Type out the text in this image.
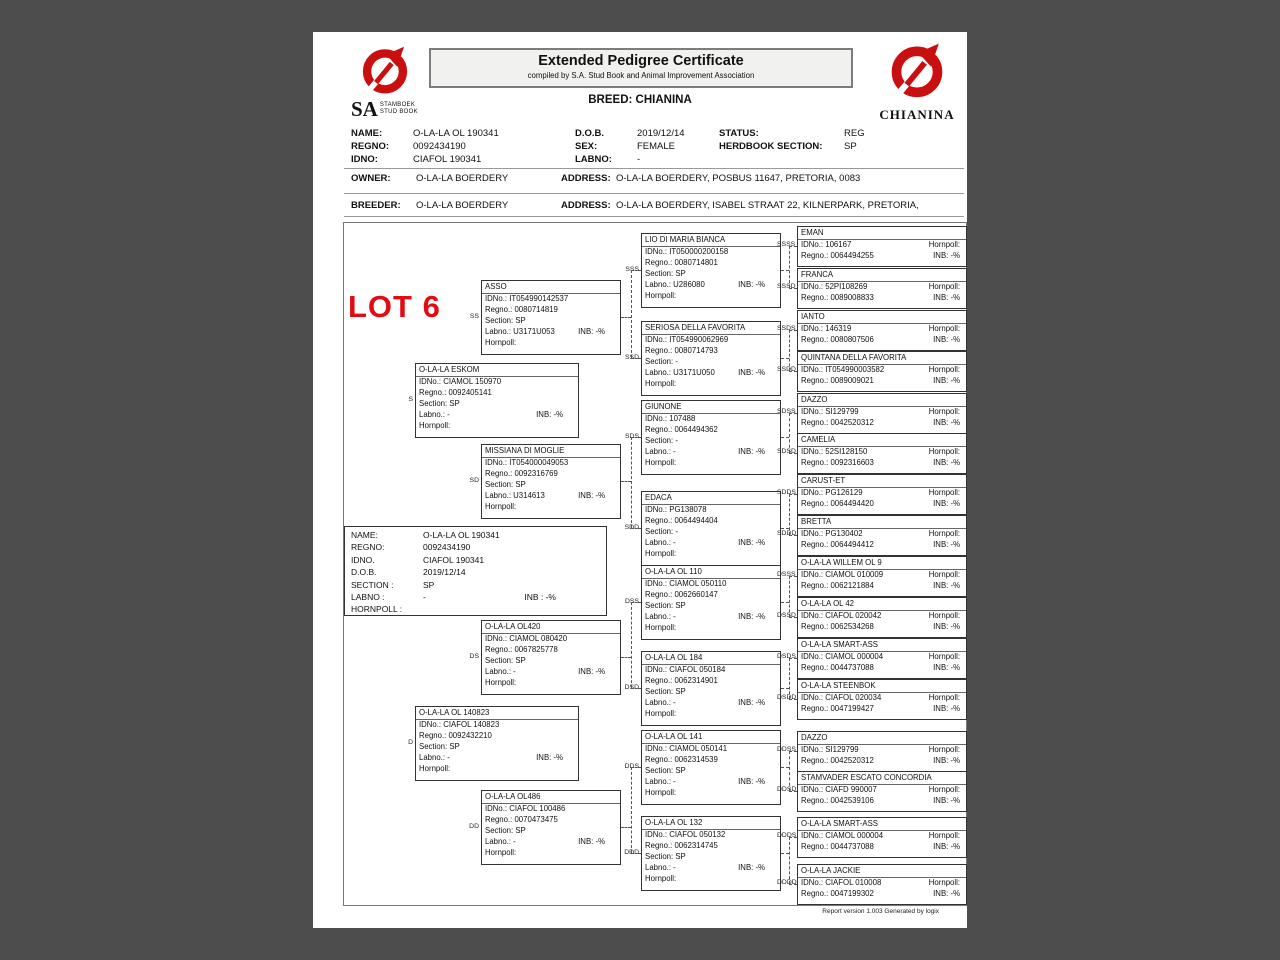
SA STAMBOEK
STUD BOOK
Extended Pedigree Certificate
compiled by S.A. Stud Book and Animal Improvement Association
CHIANINA
BREED: CHIANINA
NAME:	O-LA-LA OL 190341	D.O.B.	2019/12/14	STATUS:	REG
REGNO:	0092434190	SEX:	FEMALE	HERDBOOK SECTION:	SP
IDNO:	CIAFOL 190341	LABNO:	-
OWNER:	O-LA-LA BOERDERY	ADDRESS: O-LA-LA BOERDERY, POSBUS 11647, PRETORIA, 0083
BREEDER:	O-LA-LA BOERDERY	ADDRESS: O-LA-LA BOERDERY, ISABEL STRAAT 22, KILNERPARK, PRETORIA,
LOT 6
NAME:	O-LA-LA OL 190341
REGNO:	0092434190
IDNO.	CIAFOL 190341
D.O.B.	2019/12/14
SECTION :	SP
LABNO :	-	INB : -%
HORNPOLL :
O-LA-LA ESKOM
IDNo.: CIAMOL 150970
Regno.: 0092405141
Section: SP
Labno.: -	INB: -%
Hornpoll:
S
O-LA-LA OL 140823
IDNo.: CIAFOL 140823
Regno.: 0092432210
Section: SP
Labno.: -	INB: -%
Hornpoll:
D
ASSO
IDNo.: IT054990142537
Regno.: 0080714819
Section: SP
Labno.: U3171U053	INB: -%
Hornpoll:
SS
MISSIANA DI MOGLIE
IDNo.: IT054000049053
Regno.: 0092316769
Section: SP
Labno.: U314613	INB: -%
Hornpoll:
SD
O-LA-LA OL420
IDNo.: CIAMOL 080420
Regno.: 0067825778
Section: SP
Labno.: -	INB: -%
Hornpoll:
DS
O-LA-LA OL486
IDNo.: CIAFOL 100486
Regno.: 0070473475
Section: SP
Labno.: -	INB: -%
Hornpoll:
DD
LIO DI MARIA BIANCA
IDNo.: IT050000200158
Regno.: 0080714801
Section: SP
Labno.: U286080	INB: -%
Hornpoll:
SSS
SERIOSA DELLA FAVORITA
IDNo.: IT054990062969
Regno.: 0080714793
Section: -
Labno.: U3171U050	INB: -%
Hornpoll:
SSD
GIUNONE
IDNo.: 107488
Regno.: 0064494362
Section: -
Labno.: -	INB: -%
Hornpoll:
SDS
EDACA
IDNo.: PG138078
Regno.: 0064494404
Section: -
Labno.: -	INB: -%
Hornpoll:
SDD
O-LA-LA OL 110
IDNo.: CIAMOL 050110
Regno.: 0062660147
Section: SP
Labno.: -	INB: -%
Hornpoll:
DSS
O-LA-LA OL 184
IDNo.: CIAFOL 050184
Regno.: 0062314901
Section: SP
Labno.: -	INB: -%
Hornpoll:
DSD
O-LA-LA OL 141
IDNo.: CIAMOL 050141
Regno.: 0062314539
Section: SP
Labno.: -	INB: -%
Hornpoll:
DDS
O-LA-LA OL 132
IDNo.: CIAFOL 050132
Regno.: 0062314745
Section: SP
Labno.: -	INB: -%
Hornpoll:
DDD
EMAN
IDNo.: 106167	Hornpoll:
Regno.: 0064494255	INB: -%
SSSS
FRANCA
IDNo.: 52PI108269	Hornpoll:
Regno.: 0089008833	INB: -%
SSSD
IANTO
IDNo.: 146319	Hornpoll:
Regno.: 0080807506	INB: -%
SSDS
QUINTANA DELLA FAVORITA
IDNo.: IT054990003582	Hornpoll:
Regno.: 0089009021	INB: -%
SSDD
DAZZO
IDNo.: SI129799	Hornpoll:
Regno.: 0042520312	INB: -%
SDSS
CAMELIA
IDNo.: 52SI128150	Hornpoll:
Regno.: 0092316603	INB: -%
SDSD
CARUST-ET
IDNo.: PG126129	Hornpoll:
Regno.: 0064494420	INB: -%
SDDS
BRETTA
IDNo.: PG130402	Hornpoll:
Regno.: 0064494412	INB: -%
SDDD
O-LA-LA WILLEM OL 9
IDNo.: CIAMOL 010009	Hornpoll:
Regno.: 0062121884	INB: -%
DSSS
O-LA-LA OL 42
IDNo.: CIAFOL 020042	Hornpoll:
Regno.: 0062534268	INB: -%
DSSD
O-LA-LA SMART-ASS
IDNo.: CIAMOL 000004	Hornpoll:
Regno.: 0044737088	INB: -%
DSDS
O-LA-LA STEENBOK
IDNo.: CIAFOL 020034	Hornpoll:
Regno.: 0047199427	INB: -%
DSDD
DAZZO
IDNo.: SI129799	Hornpoll:
Regno.: 0042520312	INB: -%
DDSS
STAMVADER ESCATO CONCORDIA
IDNo.: CIAFD 990007	Hornpoll:
Regno.: 0042539106	INB: -%
DDSD
O-LA-LA SMART-ASS
IDNo.: CIAMOL 000004	Hornpoll:
Regno.: 0044737088	INB: -%
DDDS
O-LA-LA JACKIE
IDNo.: CIAFOL 010008	Hornpoll:
Regno.: 0047199302	INB: -%
DDDD
Report version 1.003 Generated by logix
